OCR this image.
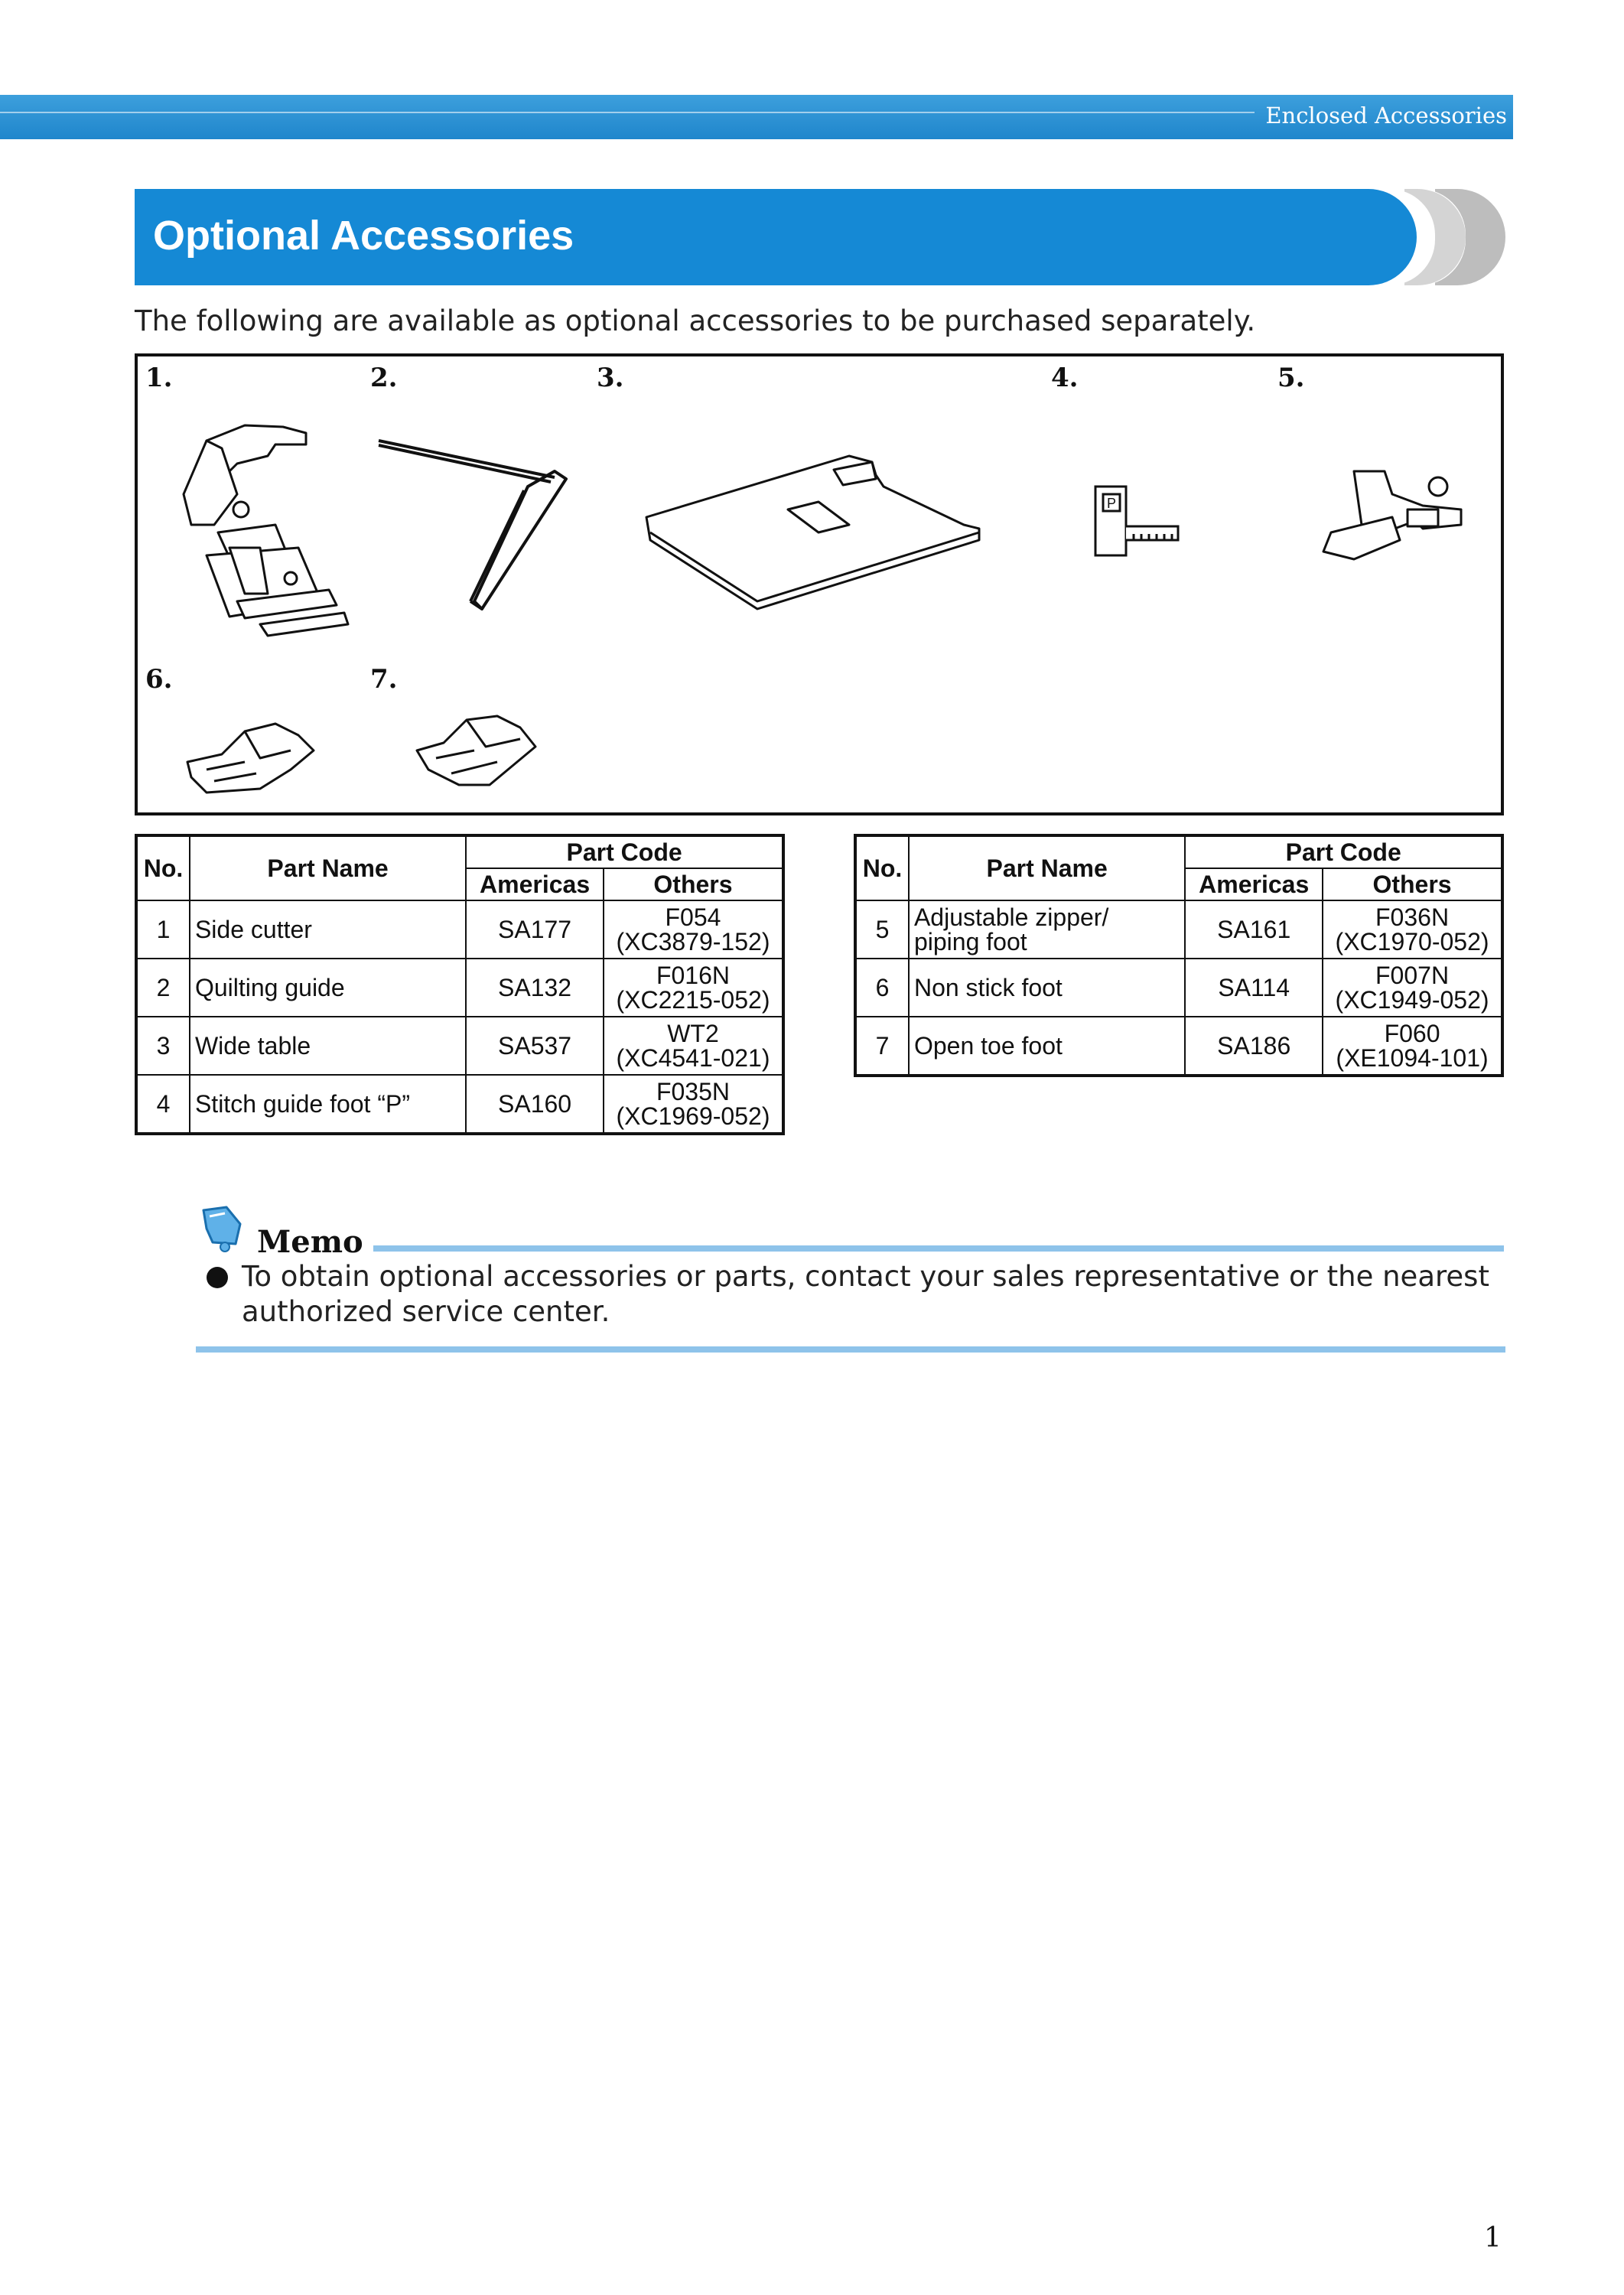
Enclosed Accessories
Optional Accessories
The following are available as optional accessories to be purchased separately.
1.	2.	3.	4.	5.
6.	7.
P
No.	Part Name	Part Code	
		Americas	Others
1	Side cutter	SA177	F054
(XC3879-152)
2	Quilting guide	SA132	F016N
(XC2215-052)
3	Wide table	SA537	WT2
(XC4541-021)
4	Stitch guide foot “P”	SA160	F035N
(XC1969-052)
No.	Part Name	Part Code	
		Americas	Others
5	Adjustable zipper/
piping foot	SA161	F036N
(XC1970-052)
6	Non stick foot	SA114	F007N
(XC1949-052)
7	Open toe foot	SA186	F060
(XE1094-101)
Memo
To obtain optional accessories or parts, contact your sales representative or the nearest authorized service center.
1
